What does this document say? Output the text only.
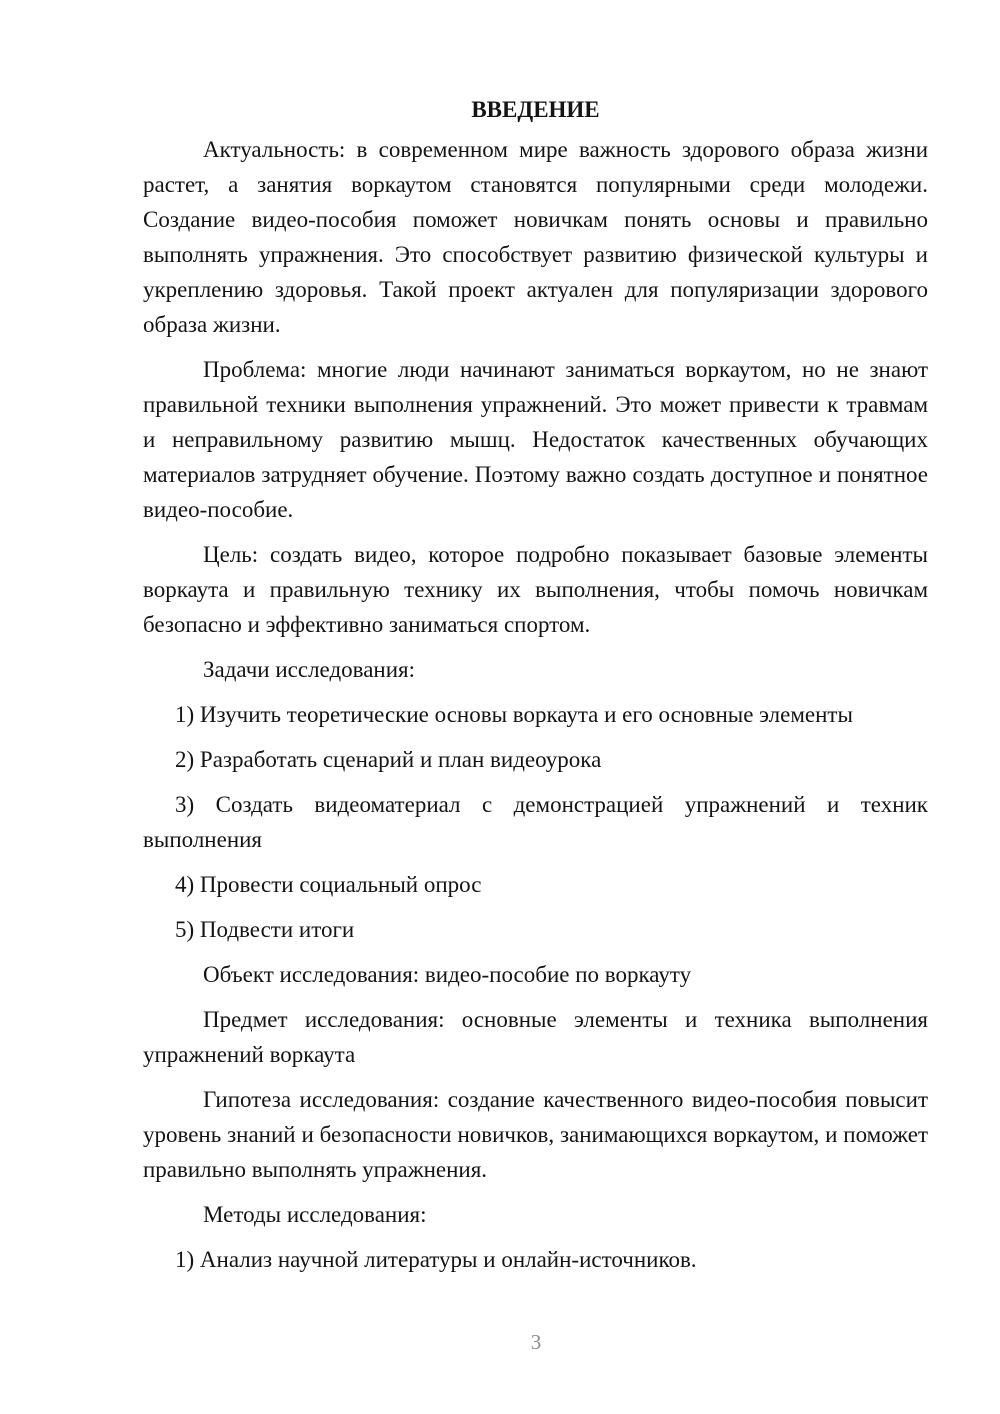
ВВЕДЕНИЕ

Актуальность: в современном мире важность здорового образа жизни растет, а занятия воркаутом становятся популярными среди молодежи. Создание видео-пособия поможет новичкам понять основы и правильно выполнять упражнения. Это способствует развитию физической культуры и укреплению здоровья. Такой проект актуален для популяризации здорового образа жизни.

Проблема: многие люди начинают заниматься воркаутом, но не знают правильной техники выполнения упражнений. Это может привести к травмам и неправильному развитию мышц. Недостаток качественных обучающих материалов затрудняет обучение. Поэтому важно создать доступное и понятное видео-пособие.

Цель: создать видео, которое подробно показывает базовые элементы воркаута и правильную технику их выполнения, чтобы помочь новичкам безопасно и эффективно заниматься спортом.

Задачи исследования:

1) Изучить теоретические основы воркаута и его основные элементы

2) Разработать сценарий и план видеоурока

3) Создать видеоматериал с демонстрацией упражнений и техник выполнения

4) Провести социальный опрос

5) Подвести итоги

Объект исследования: видео-пособие по воркауту

Предмет исследования: основные элементы и техника выполнения упражнений воркаута

Гипотеза исследования: создание качественного видео-пособия повысит уровень знаний и безопасности новичков, занимающихся воркаутом, и поможет правильно выполнять упражнения.

Методы исследования:

1) Анализ научной литературы и онлайн-источников.

3
